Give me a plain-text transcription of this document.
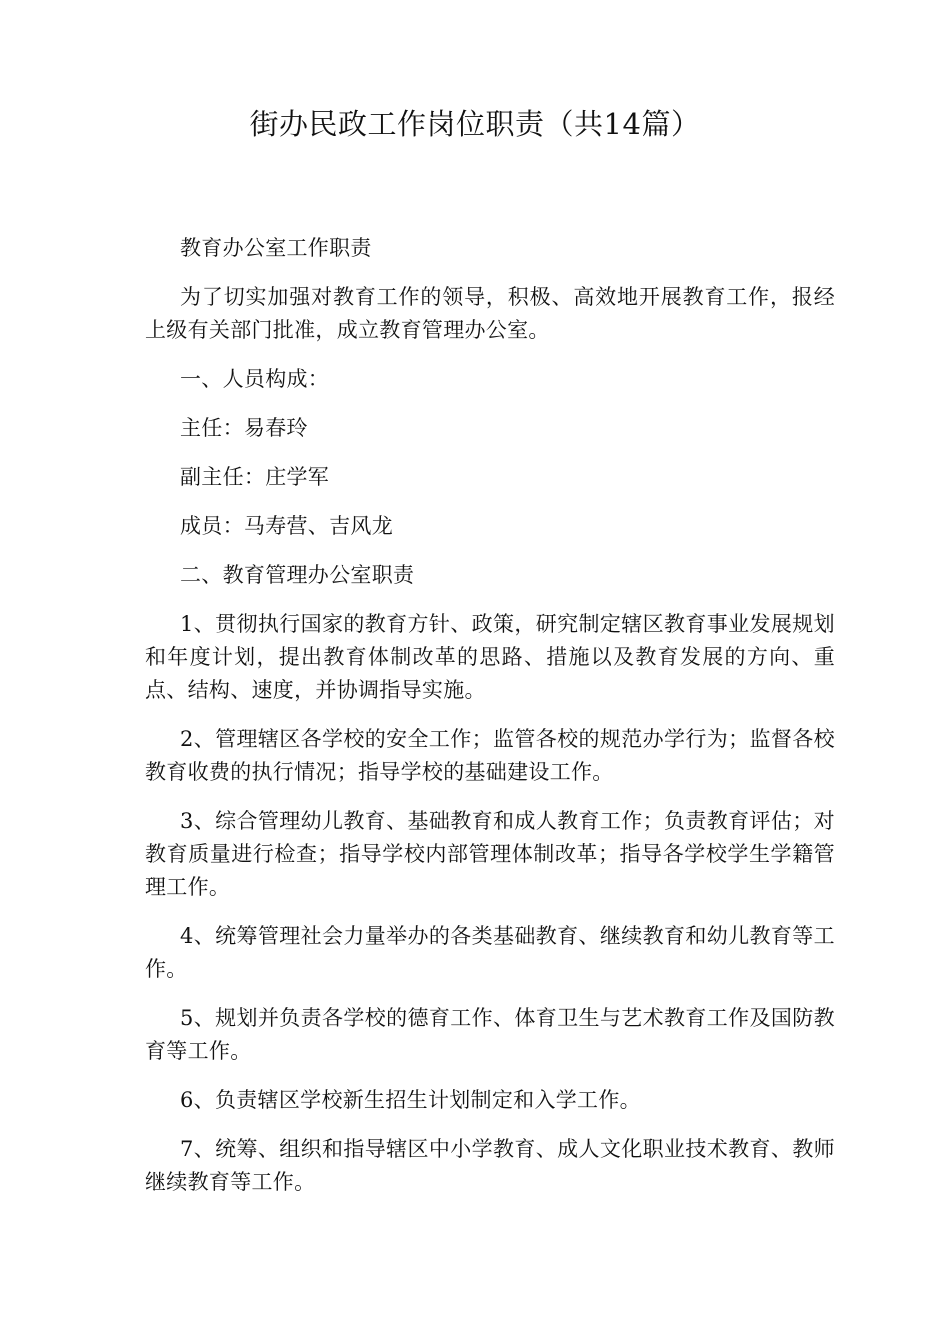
街办民政工作岗位职责（共14篇）

教育办公室工作职责

为了切实加强对教育工作的领导，积极、高效地开展教育工作，报经上级有关部门批准，成立教育管理办公室。

一、人员构成：

主任：易春玲

副主任：庄学军

成员：马寿营、吉风龙

二、教育管理办公室职责

1、贯彻执行国家的教育方针、政策，研究制定辖区教育事业发展规划和年度计划，提出教育体制改革的思路、措施以及教育发展的方向、重点、结构、速度，并协调指导实施。

2、管理辖区各学校的安全工作；监管各校的规范办学行为；监督各校教育收费的执行情况；指导学校的基础建设工作。

3、综合管理幼儿教育、基础教育和成人教育工作；负责教育评估；对教育质量进行检查；指导学校内部管理体制改革；指导各学校学生学籍管理工作。

4、统筹管理社会力量举办的各类基础教育、继续教育和幼儿教育等工作。

5、规划并负责各学校的德育工作、体育卫生与艺术教育工作及国防教育等工作。

6、负责辖区学校新生招生计划制定和入学工作。

7、统筹、组织和指导辖区中小学教育、成人文化职业技术教育、教师继续教育等工作。
